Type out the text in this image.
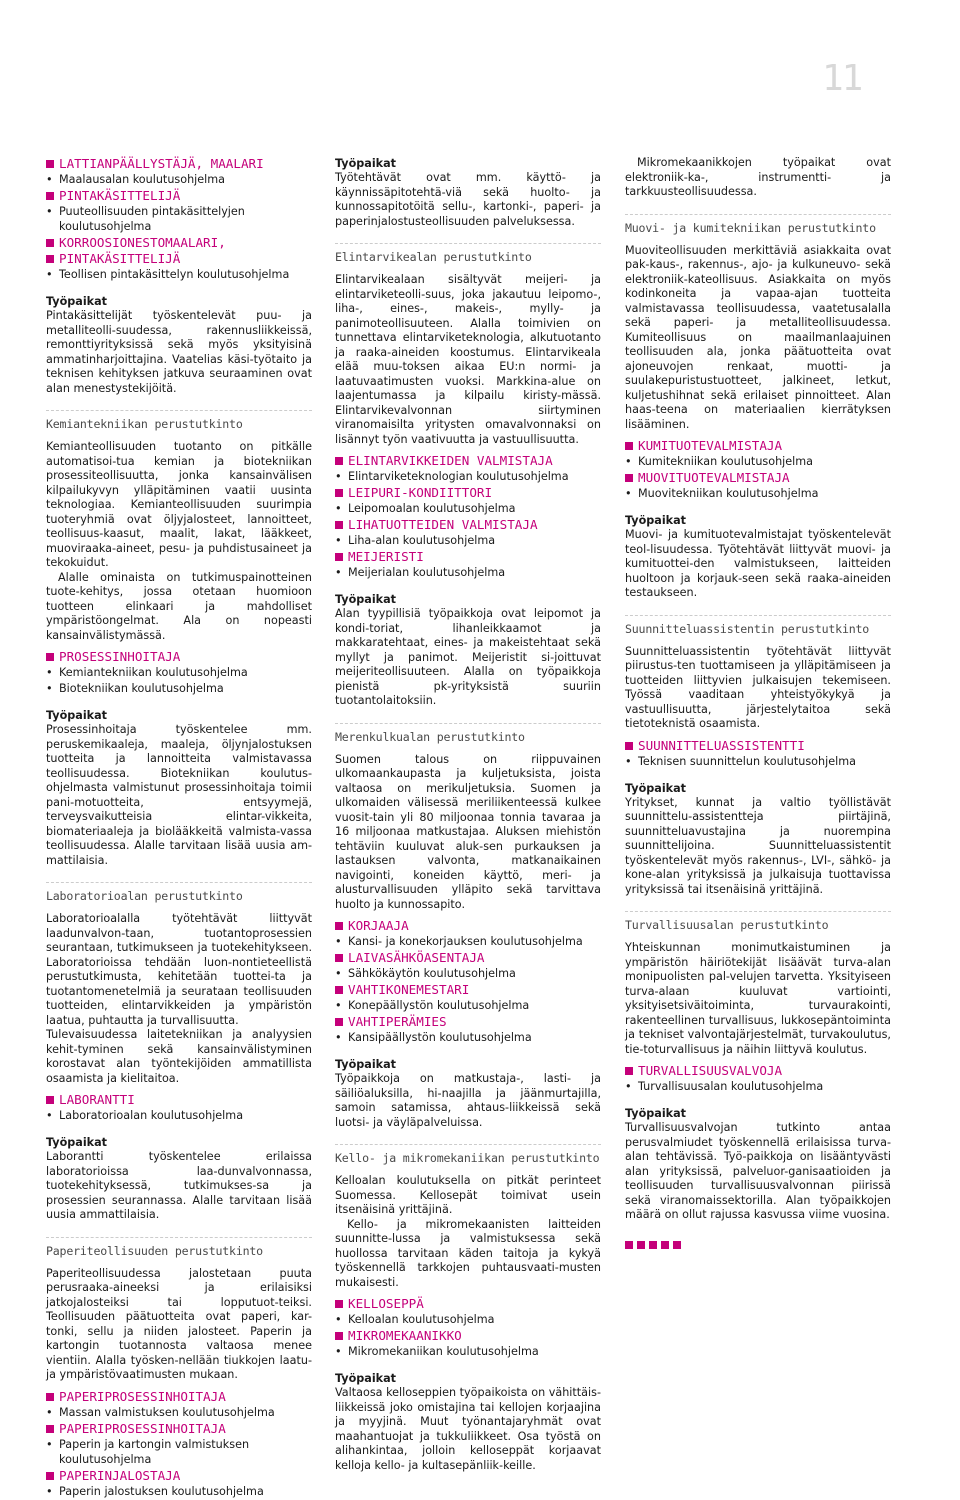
11
LATTIANPÄÄLLYSTÄJÄ, MAALARI
• Maalausalan koulutusohjelma
PINTAKÄSITTELIJÄ
• Puuteollisuuden pintakäsittelyjen koulutusohjelma
KORROOSIONESTOMAALARI,
PINTAKÄSITTELIJÄ
• Teollisen pintakäsittelyn koulutusohjelma
Työpaikat

Pintakäsittelijät työskentelevät puu- ja metalliteolli-suudessa, rakennusliikkeissä, remonttiyrityksissä sekä myös yksityisinä ammatinharjoittajina. Vaatelias käsi-työtaito ja teknisen kehityksen jatkuva seuraaminen ovat alan menestystekijöitä.

Kemiantekniikan perustutkinto

Kemianteollisuuden tuotanto on pitkälle automatisoi-tua kemian ja biotekniikan prosessiteollisuutta, jonka kansainvälisen kilpailukyvyn ylläpitäminen vaatii uusinta teknologiaa. Kemianteollisuuden suurimpia tuoteryhmiä ovat öljyjalosteet, lannoitteet, teollisuus-kaasut, maalit, lakat, lääkkeet, muoviraaka-aineet, pesu- ja puhdistusaineet ja tekokuidut.

Alalle ominaista on tutkimuspainotteinen tuote-kehitys, jossa otetaan huomioon tuotteen elinkaari ja mahdolliset ympäristöongelmat. Ala on nopeasti kansainvälistymässä.

PROSESSINHOITAJA
• Kemiantekniikan koulutusohjelma
• Biotekniikan koulutusohjelma
Työpaikat

Prosessinhoitaja työskentelee mm. peruskemikaaleja, maaleja, öljynjalostuksen tuotteita ja lannoitteita valmistavassa teollisuudessa. Biotekniikan koulutus-ohjelmasta valmistunut prosessinhoitaja toimii pani-motuotteita, entsyymejä, terveysvaikutteisia elintar-vikkeita, biomateriaaleja ja biolääkkeitä valmista-vassa teollisuudessa. Alalle tarvitaan lisää uusia am-mattilaisia.

Laboratorioalan perustutkinto

Laboratorioalalla työtehtävät liittyvät laadunvalvon-taan, tuotantoprosessien seurantaan, tutkimukseen ja tuotekehitykseen. Laboratorioissa tehdään luon-nontieteellistä perustutkimusta, kehitetään tuottei-ta ja tuotantomenetelmiä ja seurataan teollisuuden tuotteiden, elintarvikkeiden ja ympäristön laatua, puhtautta ja turvallisuutta.

Tulevaisuudessa laitetekniikan ja analyysien kehit-tyminen sekä kansainvälistyminen korostavat alan työntekijöiden ammatillista osaamista ja kielitaitoa.

LABORANTTI
• Laboratorioalan koulutusohjelma
Työpaikat

Laborantti työskentelee erilaissa laboratorioissa laa-dunvalvonnassa, tuotekehityksessä, tutkimukses-sa ja prosessien seurannassa. Alalle tarvitaan lisää uusia ammattilaisia.

Paperiteollisuuden perustutkinto

Paperiteollisuudessa jalostetaan puuta perusraaka-aineeksi ja erilaisiksi jatkojalosteiksi tai lopputuot-teiksi. Teollisuuden päätuotteita ovat paperi, kar-tonki, sellu ja niiden jalosteet. Paperin ja kartongin tuotannosta valtaosa menee vientiin. Alalla työsken-nellään tiukkojen laatu- ja ympäristövaatimusten mukaan.

PAPERIPROSESSINHOITAJA
• Massan valmistuksen koulutusohjelma
PAPERIPROSESSINHOITAJA
• Paperin ja kartongin valmistuksen koulutusohjelma
PAPERINJALOSTAJA
• Paperin jalostuksen koulutusohjelma
Työpaikat

Työtehtävät ovat mm. käyttö- ja käynnissäpitotehtä-viä sekä huolto- ja kunnossapitotöitä sellu-, kartonki-, paperi- ja paperinjalostusteollisuuden palveluksessa.

Elintarvikealan perustutkinto

Elintarvikealaan sisältyvät meijeri- ja elintarviketeolli-suus, joka jakautuu leipomo-, liha-, eines-, makeis-, mylly- ja panimoteollisuuteen. Alalla toimivien on tunnettava elintarviketeknologia, alkutuotanto ja raaka-aineiden koostumus. Elintarvikeala elää muu-toksen aikaa EU:n normi- ja laatuvaatimusten vuoksi. Markkina-alue on laajentumassa ja kilpailu kiristy-mässä. Elintarvikevalvonnan siirtyminen viranomaisilta yritysten omavalvonnaksi on lisännyt työn vaativuutta ja vastuullisuutta.

ELINTARVIKKEIDEN VALMISTAJA
• Elintarviketeknologian koulutusohjelma
LEIPURI-KONDIITTORI
• Leipomoalan koulutusohjelma
LIHATUOTTEIDEN VALMISTAJA
• Liha-alan koulutusohjelma
MEIJERISTI
• Meijerialan koulutusohjelma
Työpaikat

Alan tyypillisiä työpaikkoja ovat leipomot ja kondi-toriat, lihanleikkaamot ja makkaratehtaat, eines- ja makeistehtaat sekä myllyt ja panimot. Meijeristit si-joittuvat meijeriteollisuuteen. Alalla on työpaikkoja pienistä pk-yrityksistä suuriin tuotantolaitoksiin.

Merenkulkualan perustutkinto

Suomen talous on riippuvainen ulkomaankaupasta ja kuljetuksista, joista valtaosa on merikuljetuksia. Suomen ja ulkomaiden välisessä meriliikenteessä kulkee vuosit-tain yli 80 miljoonaa tonnia tavaraa ja 16 miljoonaa matkustajaa. Aluksen miehistön tehtäviin kuuluvat aluk-sen purkauksen ja lastauksen valvonta, matkanaikainen navigointi, koneiden käyttö, meri- ja alusturvallisuuden ylläpito sekä tarvittava huolto ja kunnossapito.

KORJAAJA
• Kansi- ja konekorjauksen koulutusohjelma
LAIVASÄHKÖASENTAJA
• Sähkökäytön koulutusohjelma
VAHTIKONEMESTARI
• Konepäällystön koulutusohjelma
VAHTIPERÄMIES
• Kansipäällystön koulutusohjelma
Työpaikat

Työpaikkoja on matkustaja-, lasti- ja säiliöaluksilla, hi-naajilla ja jäänmurtajilla, samoin satamissa, ahtaus-liikkeissä sekä luotsi- ja väyläpalveluissa.

Kello- ja mikromekaniikan perustutkinto

Kelloalan koulutuksella on pitkät perinteet Suomessa. Kellosepät toimivat usein itsenäisinä yrittäjinä.

Kello- ja mikromekaanisten laitteiden suunnitte-lussa ja valmistuksessa sekä huollossa tarvitaan käden taitoja ja kykyä työskennellä tarkkojen puhtausvaati-musten mukaisesti.

KELLOSEPPÄ
• Kelloalan koulutusohjelma
MIKROMEKAANIKKO
• Mikromekaniikan koulutusohjelma
Työpaikat

Valtaosa kelloseppien työpaikoista on vähittäis-liikkeissä joko omistajina tai kellojen korjaajina ja myyjinä. Muut työnantajaryhmät ovat maahantuojat ja tukkuliikkeet. Osa työstä on alihankintaa, jolloin kelloseppät korjaavat kelloja kello- ja kultasepänliik-keille.

Mikromekaanikkojen työpaikat ovat elektroniik-ka-, instrumentti- ja tarkkuusteollisuudessa.

Muovi- ja kumitekniikan perustutkinto

Muoviteollisuuden merkittäviä asiakkaita ovat pak-kaus-, rakennus-, ajo- ja kulkuneuvo- sekä elektroniik-kateollisuus. Asiakkaita on myös kodinkoneita ja vapaa-ajan tuotteita valmistavassa teollisuudessa, vaatetusalalla sekä paperi- ja metalliteollisuudessa. Kumiteollisuus on maailmanlaajuinen teollisuuden ala, jonka päätuotteita ovat ajoneuvojen renkaat, muotti- ja suulakepuristustuotteet, jalkineet, letkut, kuljetushihnat sekä erilaiset pinnoitteet. Alan haas-teena on materiaalien kierrätyksen lisääminen.

KUMITUOTEVALMISTAJA
• Kumitekniikan koulutusohjelma
MUOVITUOTEVALMISTAJA
• Muovitekniikan koulutusohjelma
Työpaikat

Muovi- ja kumituotevalmistajat työskentelevät teol-lisuudessa. Työtehtävät liittyvät muovi- ja kumituottei-den valmistukseen, laitteiden huoltoon ja korjauk-seen sekä raaka-aineiden testaukseen.

Suunnitteluassistentin perustutkinto

Suunnitteluassistentin työtehtävät liittyvät piirustus-ten tuottamiseen ja ylläpitämiseen ja tuotteiden liittyvien julkaisujen tekemiseen. Työssä vaaditaan yhteistyökykyä ja vastuullisuutta, järjestelytaitoa sekä tietoteknistä osaamista.

SUUNNITTELUASSISTENTTI
• Teknisen suunnittelun koulutusohjelma
Työpaikat

Yritykset, kunnat ja valtio työllistävät suunnittelu-assistentteja piirtäjinä, suunnitteluavustajina ja nuorempina suunnittelijoina. Suunnitteluassistentit työskentelevät myös rakennus-, LVI-, sähkö- ja kone-alan yrityksissä ja julkaisuja tuottavissa yrityksissä tai itsenäisinä yrittäjinä.

Turvallisuusalan perustutkinto

Yhteiskunnan monimutkaistuminen ja ympäristön häiriötekijät lisäävät turva-alan monipuolisten pal-velujen tarvetta. Yksityiseen turva-alaan kuuluvat vartiointi, yksityisetsiväitoiminta, turvaurakointi, rakenteellinen turvallisuus, lukkosepäntoiminta ja tekniset valvontajärjestelmät, turvakoulutus, tie-toturvallisuus ja näihin liittyvä koulutus.

TURVALLISUUSVALVOJA
• Turvallisuusalan koulutusohjelma
Työpaikat

Turvallisuusvalvojan tutkinto antaa perusvalmiudet työskennellä erilaisissa turva-alan tehtävissä. Työ-paikkoja on lisääntyvästi alan yrityksissä, palveluor-ganisaatioiden ja teollisuuden turvallisuusvalvonnan piirissä sekä viranomaissektorilla. Alan työpaikkojen määrä on ollut rajussa kasvussa viime vuosina.
